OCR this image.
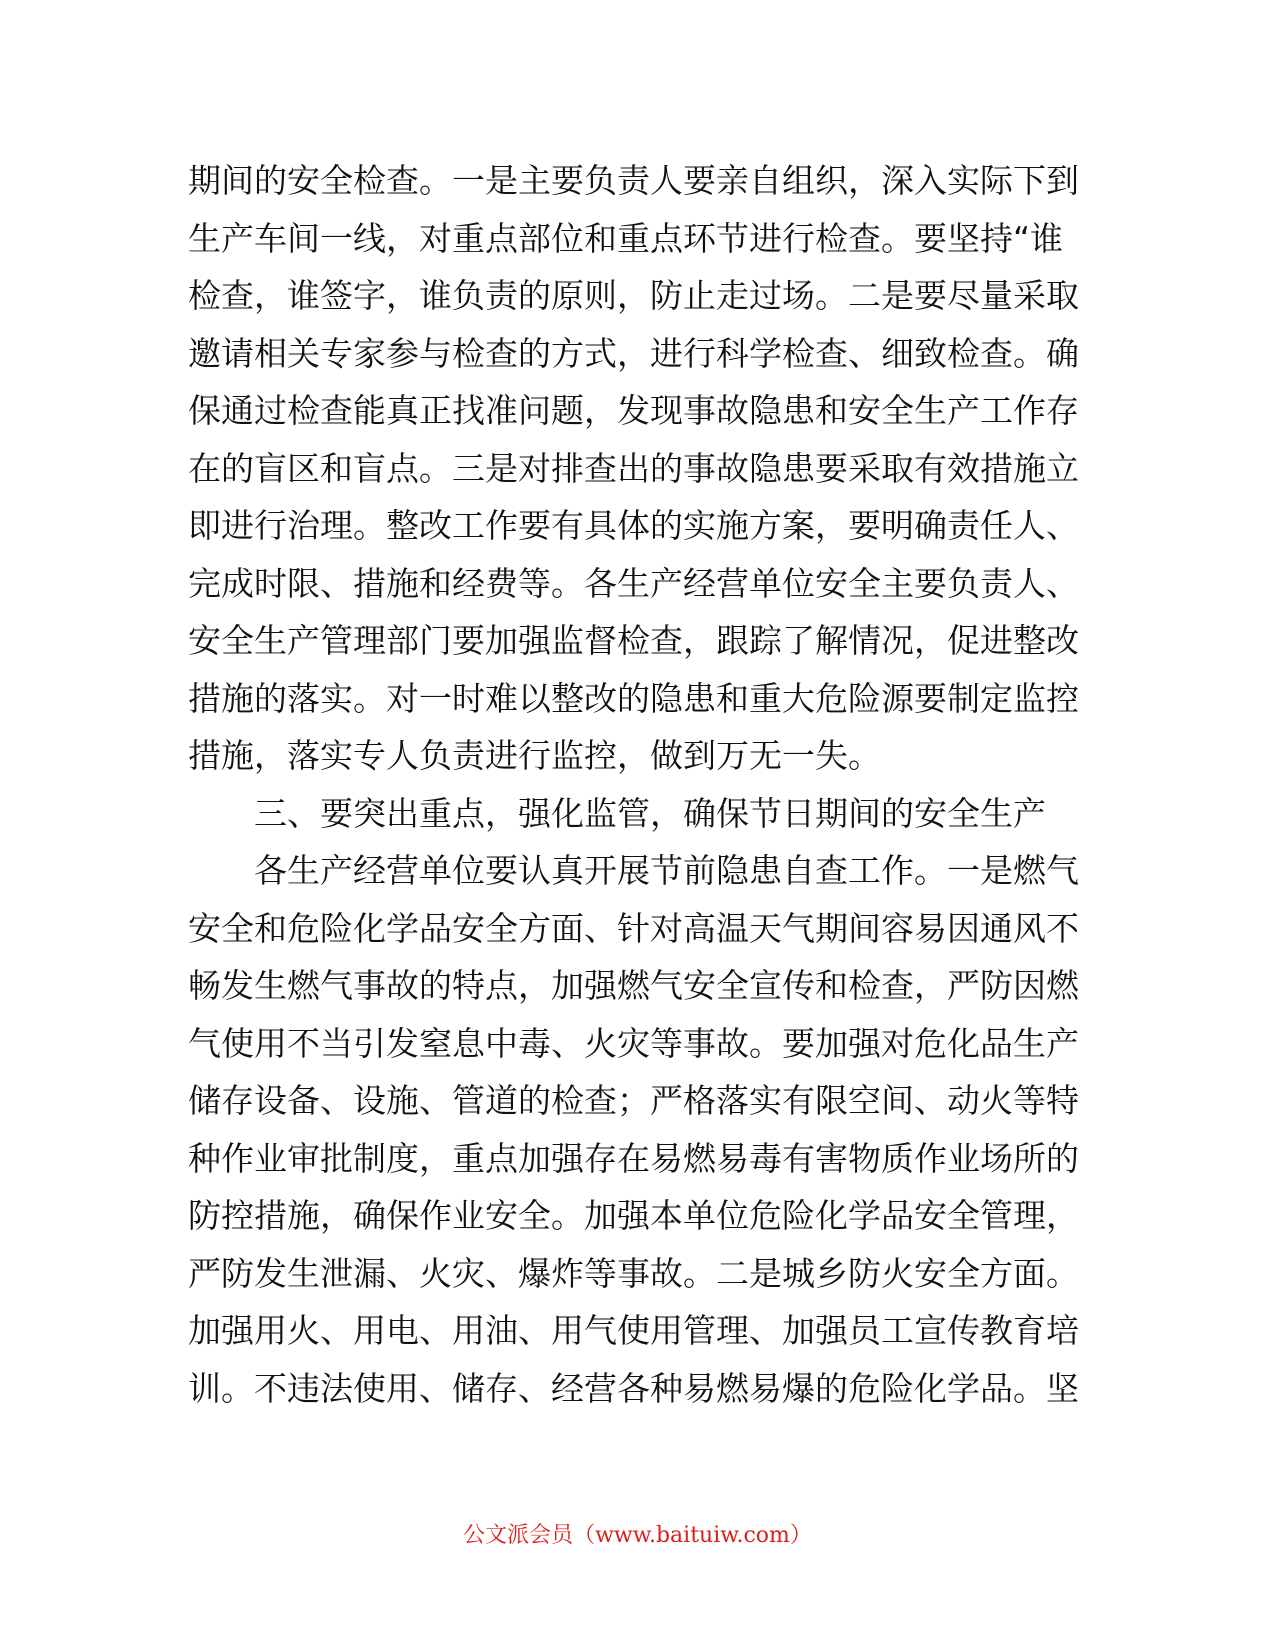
期间的安全检查。一是主要负责人要亲自组织，深入实际下到
生产车间一线，对重点部位和重点环节进行检查。要坚持“谁
检查，谁签字，谁负责的原则，防止走过场。二是要尽量采取
邀请相关专家参与检查的方式，进行科学检查、细致检查。确
保通过检查能真正找准问题，发现事故隐患和安全生产工作存
在的盲区和盲点。三是对排查出的事故隐患要采取有效措施立
即进行治理。整改工作要有具体的实施方案，要明确责任人、
完成时限、措施和经费等。各生产经营单位安全主要负责人、
安全生产管理部门要加强监督检查，跟踪了解情况，促进整改
措施的落实。对一时难以整改的隐患和重大危险源要制定监控
措施，落实专人负责进行监控，做到万无一失。
三、要突出重点，强化监管，确保节日期间的安全生产
各生产经营单位要认真开展节前隐患自查工作。一是燃气
安全和危险化学品安全方面、针对高温天气期间容易因通风不
畅发生燃气事故的特点，加强燃气安全宣传和检查，严防因燃
气使用不当引发窒息中毒、火灾等事故。要加强对危化品生产
储存设备、设施、管道的检查；严格落实有限空间、动火等特
种作业审批制度，重点加强存在易燃易毒有害物质作业场所的
防控措施，确保作业安全。加强本单位危险化学品安全管理，
严防发生泄漏、火灾、爆炸等事故。二是城乡防火安全方面。
加强用火、用电、用油、用气使用管理、加强员工宣传教育培
训。不违法使用、储存、经营各种易燃易爆的危险化学品。坚
公文派会员（www.baituiw.com）
